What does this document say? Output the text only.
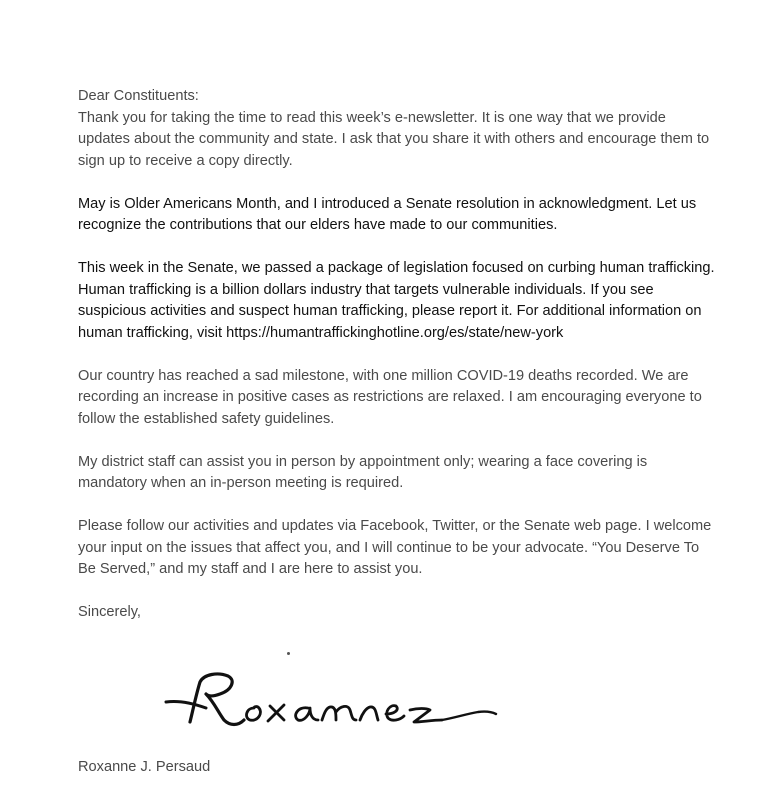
Dear Constituents:

Thank you for taking the time to read this week’s e-newsletter. It is one way that we provide updates about the community and state. I ask that you share it with others and encourage them to sign up to receive a copy directly.

May is Older Americans Month, and I introduced a Senate resolution in acknowledgment. Let us recognize the contributions that our elders have made to our communities.

This week in the Senate, we passed a package of legislation focused on curbing human trafficking. Human trafficking is a billion dollars industry that targets vulnerable individuals. If you see suspicious activities and suspect human trafficking, please report it. For additional information on human trafficking, visit https://humantraffickinghotline.org/es/state/new-york

Our country has reached a sad milestone, with one million COVID-19 deaths recorded. We are recording an increase in positive cases as restrictions are relaxed. I am encouraging everyone to follow the established safety guidelines.

My district staff can assist you in person by appointment only; wearing a face covering is mandatory when an in-person meeting is required.

Please follow our activities and updates via Facebook, Twitter, or the Senate web page. I welcome your input on the issues that affect you, and I will continue to be your advocate. “You Deserve To Be Served,” and my staff and I are here to assist you.

Sincerely,

Roxanne J. Persaud
